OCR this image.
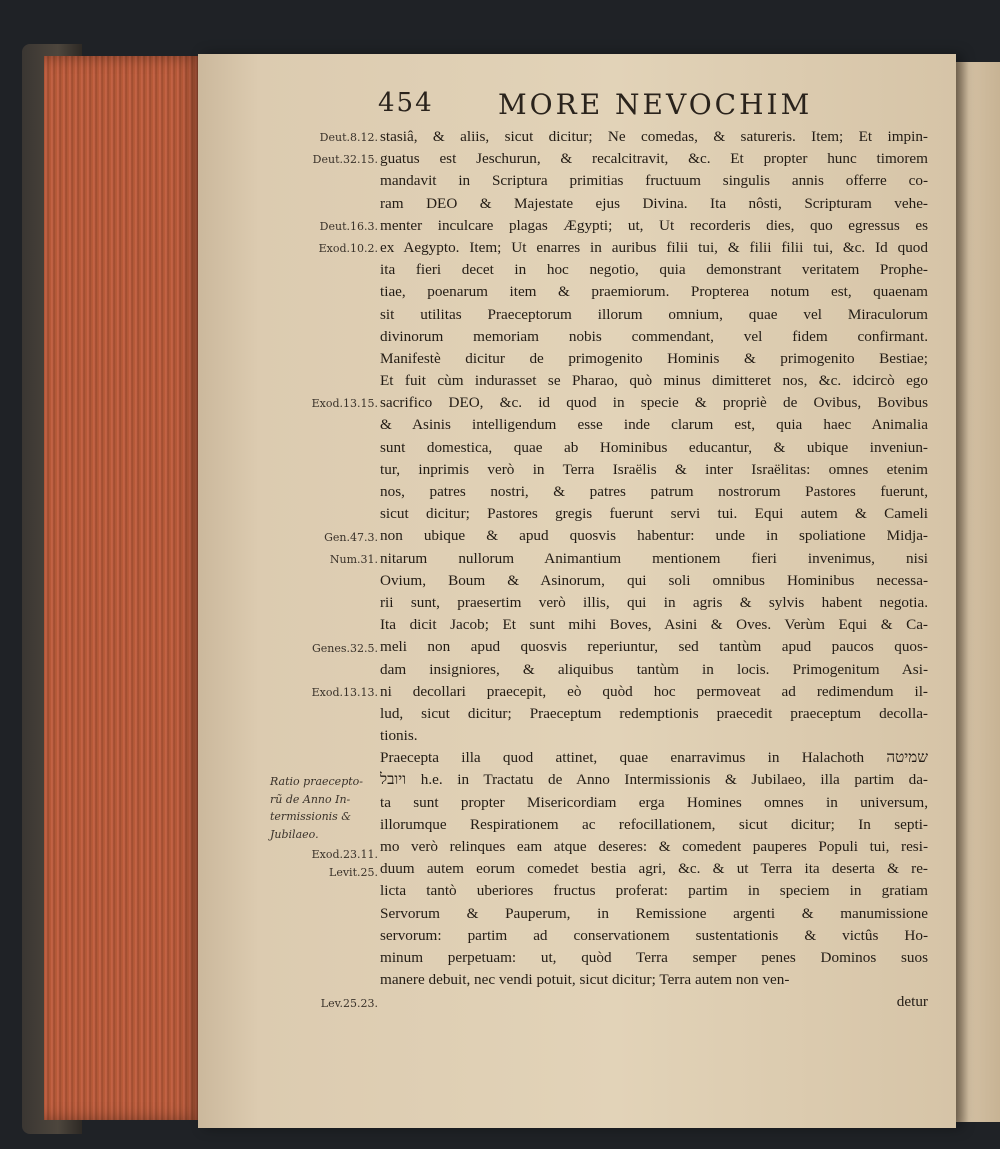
454 MORE NEVOCHIM
Deut.8.12.
Deut.32.15.
Deut.16.3.
Exod.10.2.
Exod.13.15.
Gen.47.3.
Num.31.
Genes.32.5.
Exod.13.13.
Ratio praecepto-
rũ de Anno In-
termissionis &
Jubilaeo.
Exod.23.11.
Levit.25.
Lev.25.23.
stasiâ, & aliis, sicut dicitur; Ne comedas, & satureris. Item; Et impin-
guatus est Jeschurun, & recalcitravit, &c. Et propter hunc timorem
mandavit in Scriptura primitias fructuum singulis annis offerre co-
ram DEO & Majestate ejus Divina. Ita nôsti, Scripturam vehe-
menter inculcare plagas Ægypti; ut, Ut recorderis dies, quo egressus es
ex Aegypto. Item; Ut enarres in auribus filii tui, & filii filii tui, &c. Id quod
ita fieri decet in hoc negotio, quia demonstrant veritatem Prophe-
tiae, poenarum item & praemiorum. Propterea notum est, quaenam
sit utilitas Praeceptorum illorum omnium, quae vel Miraculorum
divinorum memoriam nobis commendant, vel fidem confirmant.
Manifestè dicitur de primogenito Hominis & primogenito Bestiae;
Et fuit cùm indurasset se Pharao, quò minus dimitteret nos, &c. idcircò ego
sacrifico DEO, &c. id quod in specie & propriè de Ovibus, Bovibus
& Asinis intelligendum esse inde clarum est, quia haec Animalia
sunt domestica, quae ab Hominibus educantur, & ubique inveniun-
tur, inprimis verò in Terra Israëlis & inter Israëlitas: omnes etenim
nos, patres nostri, & patres patrum nostrorum Pastores fuerunt,
sicut dicitur; Pastores gregis fuerunt servi tui. Equi autem & Cameli
non ubique & apud quosvis habentur: unde in spoliatione Midja-
nitarum nullorum Animantium mentionem fieri invenimus, nisi
Ovium, Boum & Asinorum, qui soli omnibus Hominibus necessa-
rii sunt, praesertim verò illis, qui in agris & sylvis habent negotia.
Ita dicit Jacob; Et sunt mihi Boves, Asini & Oves. Verùm Equi & Ca-
meli non apud quosvis reperiuntur, sed tantùm apud paucos quos-
dam insigniores, & aliquibus tantùm in locis. Primogenitum Asi-
ni decollari praecepit, eò quòd hoc permoveat ad redimendum il-
lud, sicut dicitur; Praeceptum redemptionis praecedit praeceptum decolla-
tionis.
Praecepta illa quod attinet, quae enarravimus in Halachoth שמיטה
ויובל h.e. in Tractatu de Anno Intermissionis & Jubilaeo, illa partim da-
ta sunt propter Misericordiam erga Homines omnes in universum,
illorumque Respirationem ac refocillationem, sicut dicitur; In septi-
mo verò relinques eam atque deseres: & comedent pauperes Populi tui, resi-
duum autem eorum comedet bestia agri, &c. & ut Terra ita deserta & re-
licta tantò uberiores fructus proferat: partim in speciem in gratiam
Servorum & Pauperum, in Remissione argenti & manumissione
servorum: partim ad conservationem sustentationis & victûs Ho-
minum perpetuam: ut, quòd Terra semper penes Dominos suos
manere debuit, nec vendi potuit, sicut dicitur; Terra autem non ven-
detur
